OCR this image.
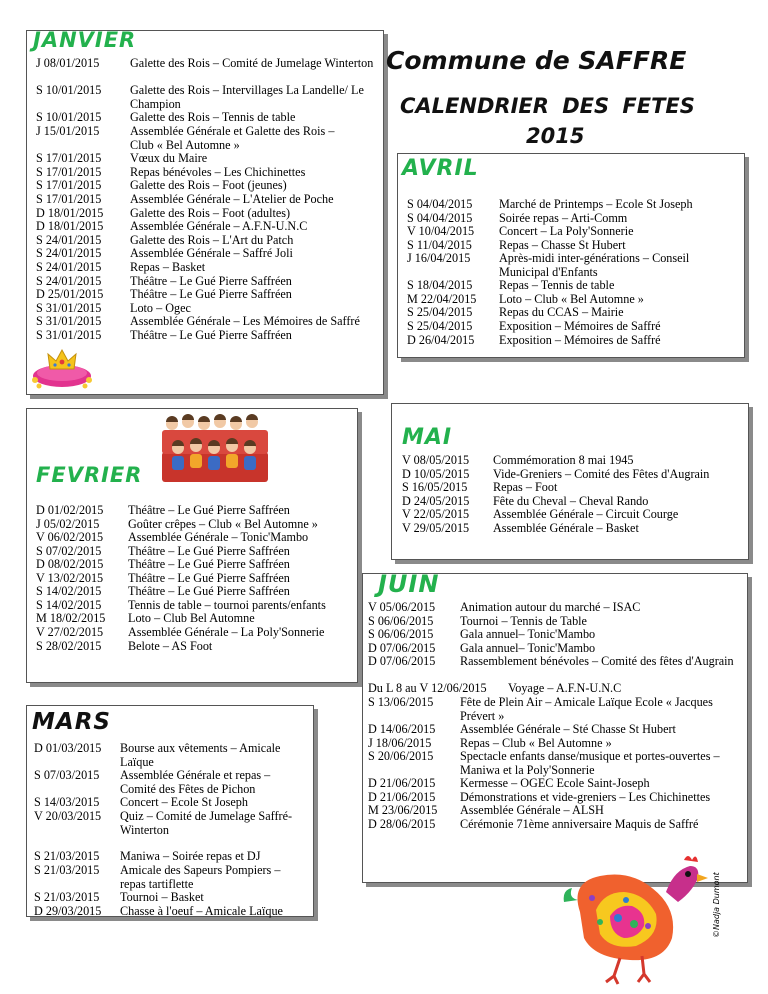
JANVIER
J 08/01/2015	Galette des Rois – Comité de Jumelage Winterton
S 10/01/2015 Galette des Rois – Intervillages La Landelle/ Le Champion
S 10/01/2015 Galette des Rois – Tennis de table
J 15/01/2015	Assemblée Générale et Galette des Rois – Club « Bel Automne »
S 17/01/2015 Vœux du Maire
S 17/01/2015 Repas bénévoles – Les Chichinettes
S 17/01/2015 Galette des Rois – Foot (jeunes)
S 17/01/2015 Assemblée Générale – L'Atelier de Poche
D 18/01/2015 Galette des Rois – Foot (adultes)
D 18/01/2015 Assemblée Générale – A.F.N-U.N.C
S 24/01/2015 Galette des Rois – L'Art du Patch
S 24/01/2015 Assemblée Générale – Saffré Joli
S 24/01/2015 Repas – Basket
S 24/01/2015 Théâtre – Le Gué Pierre Saffréen
D 25/01/2015 Théâtre – Le Gué Pierre Saffréen
S 31/01/2015 Loto – Ogec
S 31/01/2015 Assemblée Générale – Les Mémoires de Saffré
S 31/01/2015 Théâtre – Le Gué Pierre Saffréen
Commune de SAFFRE
CALENDRIER DES FETES
2015
AVRIL
S 04/04/2015 Marché de Printemps – Ecole St Joseph
S 04/04/2015 Soirée repas – Arti-Comm
V 10/04/2015 Concert – La Poly'Sonnerie
S 11/04/2015 Repas – Chasse St Hubert
J 16/04/2015 Après-midi inter-générations – Conseil Municipal d'Enfants
S 18/04/2015 Repas – Tennis de table
M 22/04/2015 Loto – Club « Bel Automne »
S 25/04/2015 Repas du CCAS – Mairie
S 25/04/2015 Exposition – Mémoires de Saffré
D 26/04/2015 Exposition – Mémoires de Saffré
FEVRIER
D 01/02/2015 Théâtre – Le Gué Pierre Saffréen
J 05/02/2015 Goûter crêpes – Club « Bel Automne »
V 06/02/2015 Assemblée Générale – Tonic'Mambo
S 07/02/2015 Théâtre – Le Gué Pierre Saffréen
D 08/02/2015 Théâtre – Le Gué Pierre Saffréen
V 13/02/2015 Théâtre – Le Gué Pierre Saffréen
S 14/02/2015 Théâtre – Le Gué Pierre Saffréen
S 14/02/2015 Tennis de table – tournoi parents/enfants
M 18/02/2015 Loto – Club Bel Automne
V 27/02/2015 Assemblée Générale – La Poly'Sonnerie
S 28/02/2015 Belote – AS Foot
MAI
V 08/05/2015 Commémoration 8 mai 1945
D 10/05/2015 Vide-Greniers – Comité des Fêtes d'Augrain
S 16/05/2015 Repas – Foot
D 24/05/2015 Fête du Cheval – Cheval Rando
V 22/05/2015 Assemblée Générale – Circuit Courge
V 29/05/2015 Assemblée Générale – Basket
JUIN
V 05/06/2015 Animation autour du marché – ISAC
S 06/06/2015 Tournoi – Tennis de Table
S 06/06/2015 Gala annuel– Tonic'Mambo
D 07/06/2015 Gala annuel– Tonic'Mambo
D 07/06/2015 Rassemblement bénévoles – Comité des fêtes d'Augrain
Du L 8 au V 12/06/2015 Voyage – A.F.N-U.N.C
S 13/06/2015 Fête de Plein Air – Amicale Laïque Ecole « Jacques Prévert »
D 14/06/2015 Assemblée Générale – Sté Chasse St Hubert
J 18/06/2015 Repas – Club « Bel Automne »
S 20/06/2015 Spectacle enfants danse/musique et portes-ouvertes – Maniwa et la Poly'Sonnerie
D 21/06/2015 Kermesse – OGEC Ecole Saint-Joseph
D 21/06/2015 Démonstrations et vide-greniers – Les Chichinettes
M 23/06/2015 Assemblée Générale – ALSH
D 28/06/2015 Cérémonie 71ème anniversaire Maquis de Saffré
MARS
D 01/03/2015 Bourse aux vêtements – Amicale Laïque
S 07/03/2015 Assemblée Générale et repas – Comité des Fêtes de Pichon
S 14/03/2015 Concert – Ecole St Joseph
V 20/03/2015 Quiz – Comité de Jumelage Saffré-Winterton
S 21/03/2015 Maniwa – Soirée repas et DJ
S 21/03/2015 Amicale des Sapeurs Pompiers – repas tartiflette
S 21/03/2015 Tournoi – Basket
D 29/03/2015 Chasse à l'oeuf – Amicale Laïque	©Nadja Dumont
